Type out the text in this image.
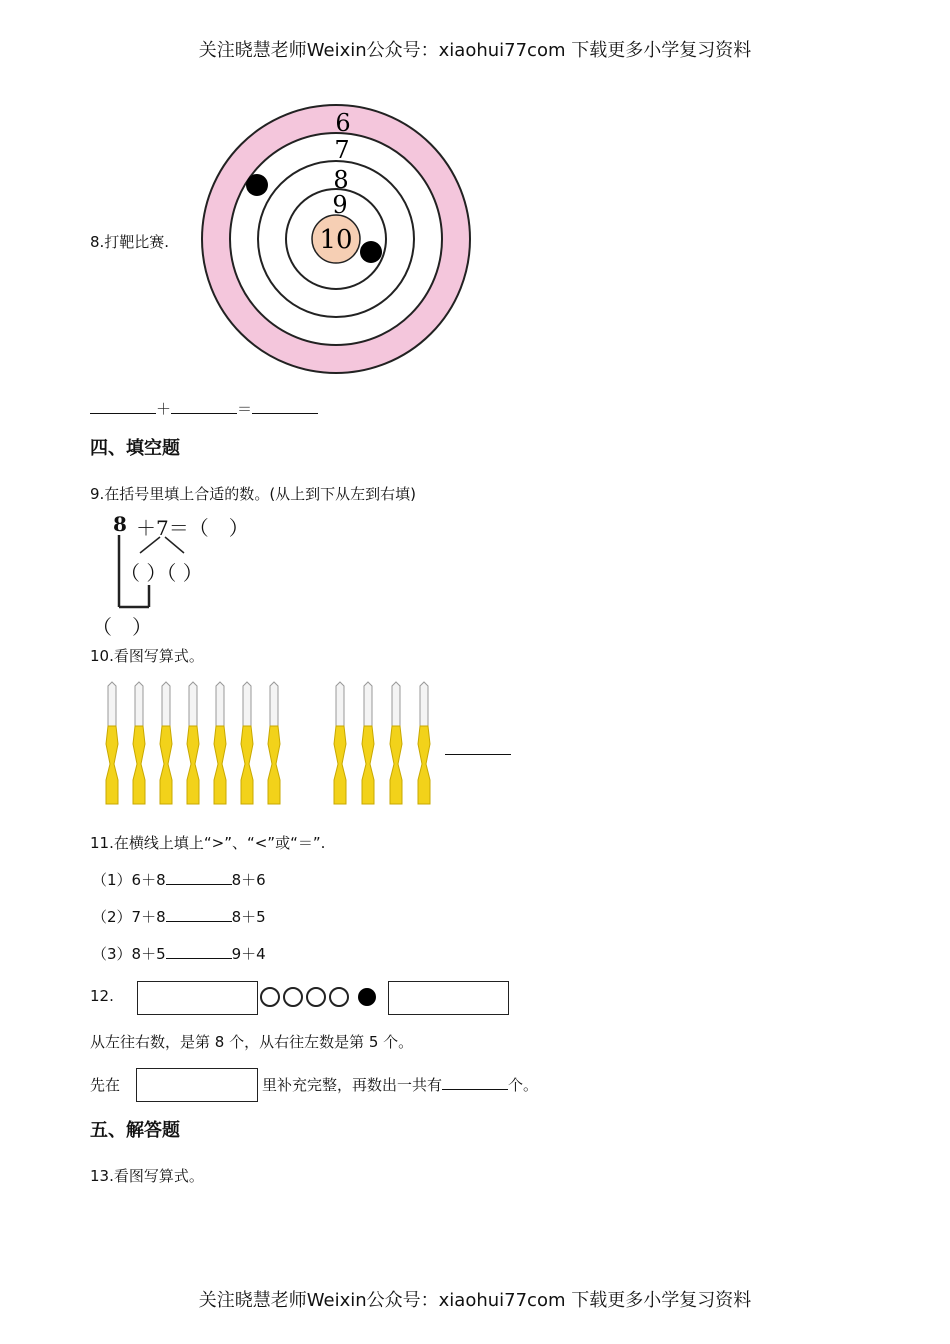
关注晓慧老师Weixin公众号：xiaohui77com 下载更多小学复习资料
8.打靶比赛.
6
7
8
9
10
＋	＝
四、填空题
9.在括号里填上合适的数。(从上到下从左到右填)
8 ＋7＝（　）
（ ）（ ）
（　）
10.看图写算式。
11.在横线上填上“>”、“<”或“＝”.
（1）6＋8	8＋6
（2）7＋8	8＋5
（3）8＋5	9＋4
12.
从左往右数，是第 8 个，从右往左数是第 5 个。
先在	里补充完整，再数出一共有	个。
五、解答题
13.看图写算式。
关注晓慧老师Weixin公众号：xiaohui77com 下载更多小学复习资料
